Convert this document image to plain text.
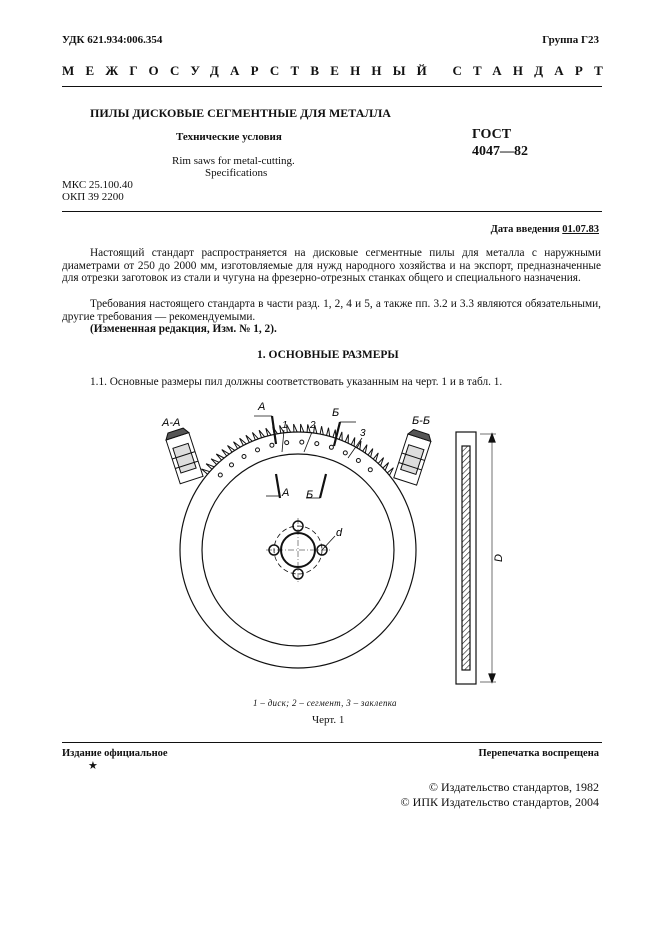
УДК 621.934:006.354	Группа Г23
МЕЖГОСУДАРСТВЕННЫЙ СТАНДАРТ
ПИЛЫ ДИСКОВЫЕ СЕГМЕНТНЫЕ ДЛЯ МЕТАЛЛА
Технические условия
Rim saws for metal-cutting.
Specifications
ГОСТ
4047—82
МКС 25.100.40
ОКП 39 2200
Дата введения 01.07.83
Настоящий стандарт распространяется на дисковые сегментные пилы для металла с наружными диаметрами от 250 до 2000 мм, изготовляемые для нужд народного хозяйства и на экспорт, предназначенные для отрезки заготовок из стали и чугуна на фрезерно-отрезных станках общего и специального назначения.
Требования настоящего стандарта в части разд. 1, 2, 4 и 5, а также пп. 3.2 и 3.3 являются обязательными, другие требования — рекомендуемыми.
(Измененная редакция, Изм. № 1, 2).
1. ОСНОВНЫЕ РАЗМЕРЫ
1.1. Основные размеры пил должны соответствовать указанным на черт. 1 и в табл. 1.
А-А	Б-Б
А	Б
А Б
1 2
3
d
D
1 – диск; 2 – сегмент, 3 – заклепка
Черт. 1
Издание официальное
★
Перепечатка воспрещена
© Издательство стандартов, 1982
© ИПК Издательство стандартов, 2004
